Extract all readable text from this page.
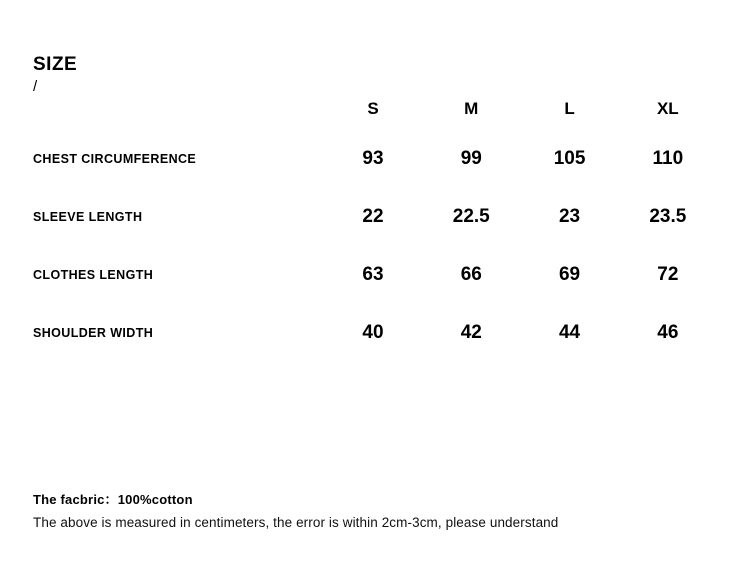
SIZE
/
	S	M	L	XL
CHEST CIRCUMFERENCE	93	99	105	110
SLEEVE LENGTH	22	22.5	23	23.5
CLOTHES LENGTH	63	66	69	72
SHOULDER WIDTH	40	42	44	46
The facbric：100%cotton
The above is measured in centimeters, the error is within 2cm-3cm, please understand
